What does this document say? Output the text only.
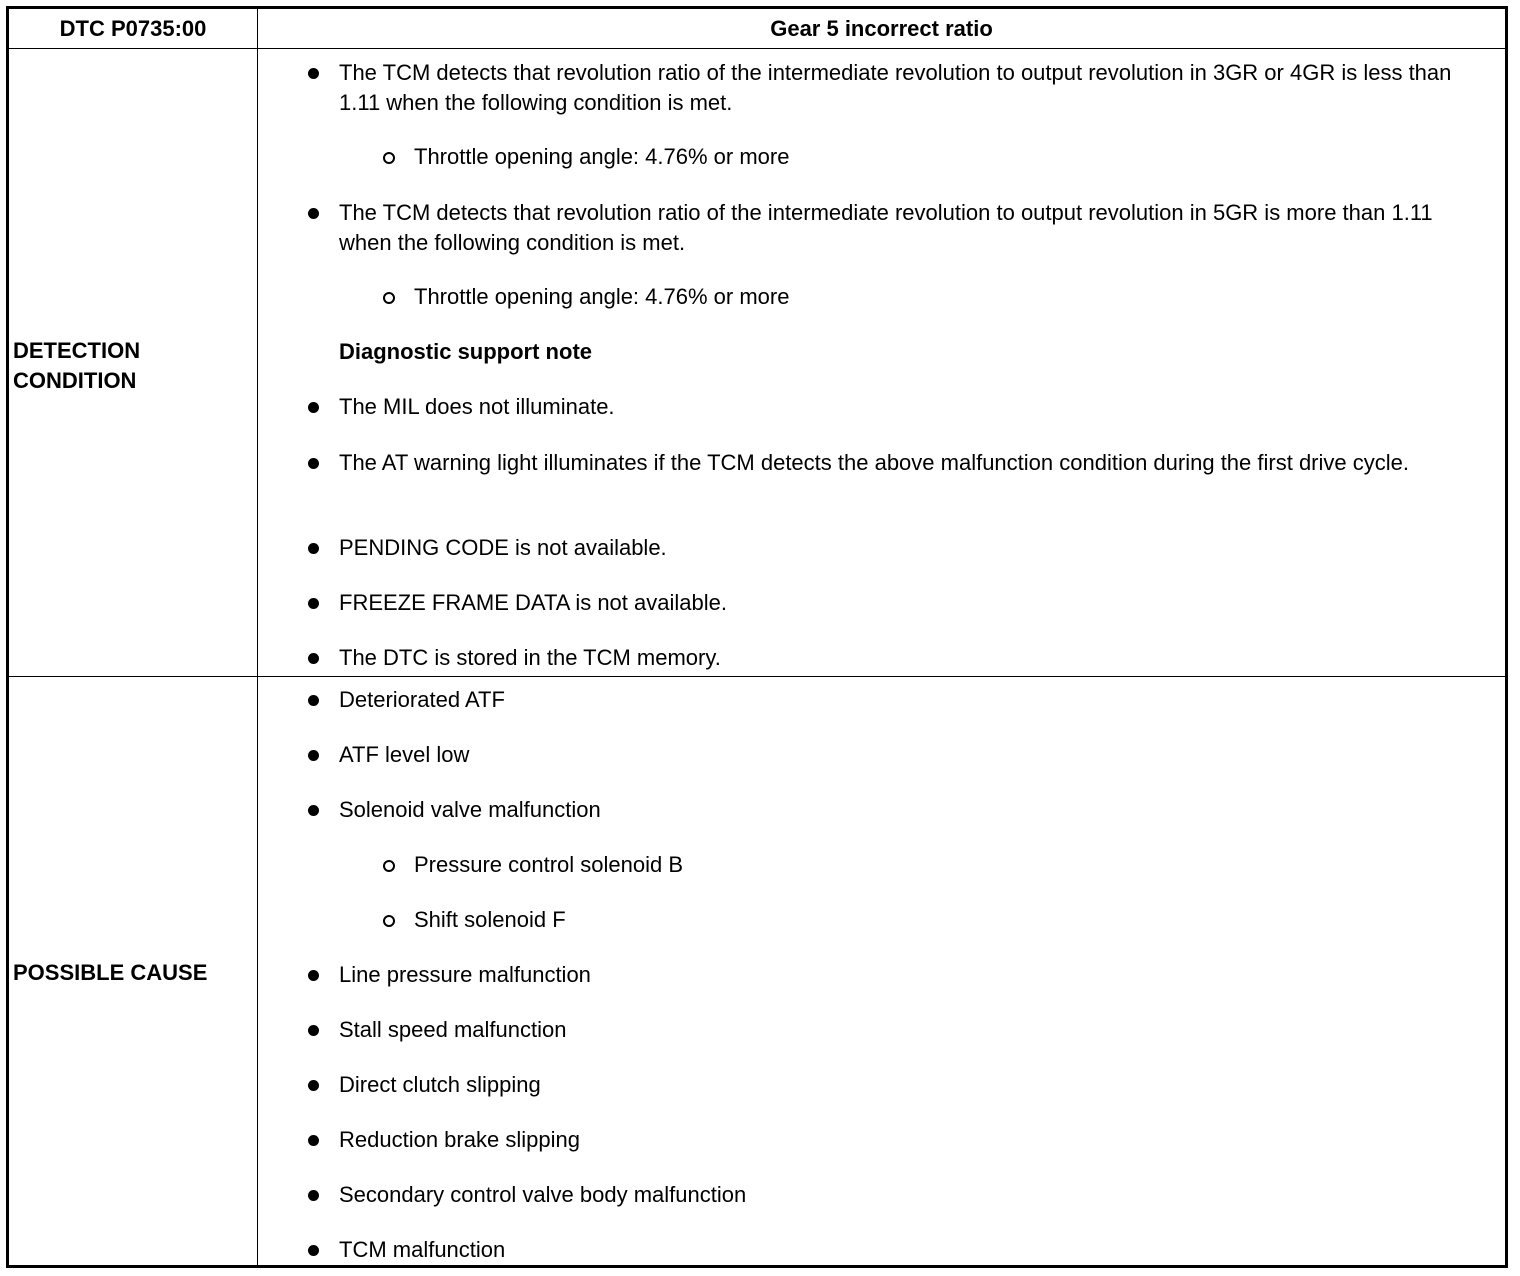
DTC P0735:00	Gear 5 incorrect ratio
DETECTION CONDITION
POSSIBLE CAUSE
The TCM detects that revolution ratio of the intermediate revolution to output revolution in 3GR or 4GR is less than 1.11 when the following condition is met.
Throttle opening angle: 4.76% or more
The TCM detects that revolution ratio of the intermediate revolution to output revolution in 5GR is more than 1.11 when the following condition is met.
Throttle opening angle: 4.76% or more
Diagnostic support note
The MIL does not illuminate.
The AT warning light illuminates if the TCM detects the above malfunction condition during the first drive cycle.
PENDING CODE is not available.
FREEZE FRAME DATA is not available.
The DTC is stored in the TCM memory.
Deteriorated ATF
ATF level low
Solenoid valve malfunction
Pressure control solenoid B
Shift solenoid F
Line pressure malfunction
Stall speed malfunction
Direct clutch slipping
Reduction brake slipping
Secondary control valve body malfunction
TCM malfunction
